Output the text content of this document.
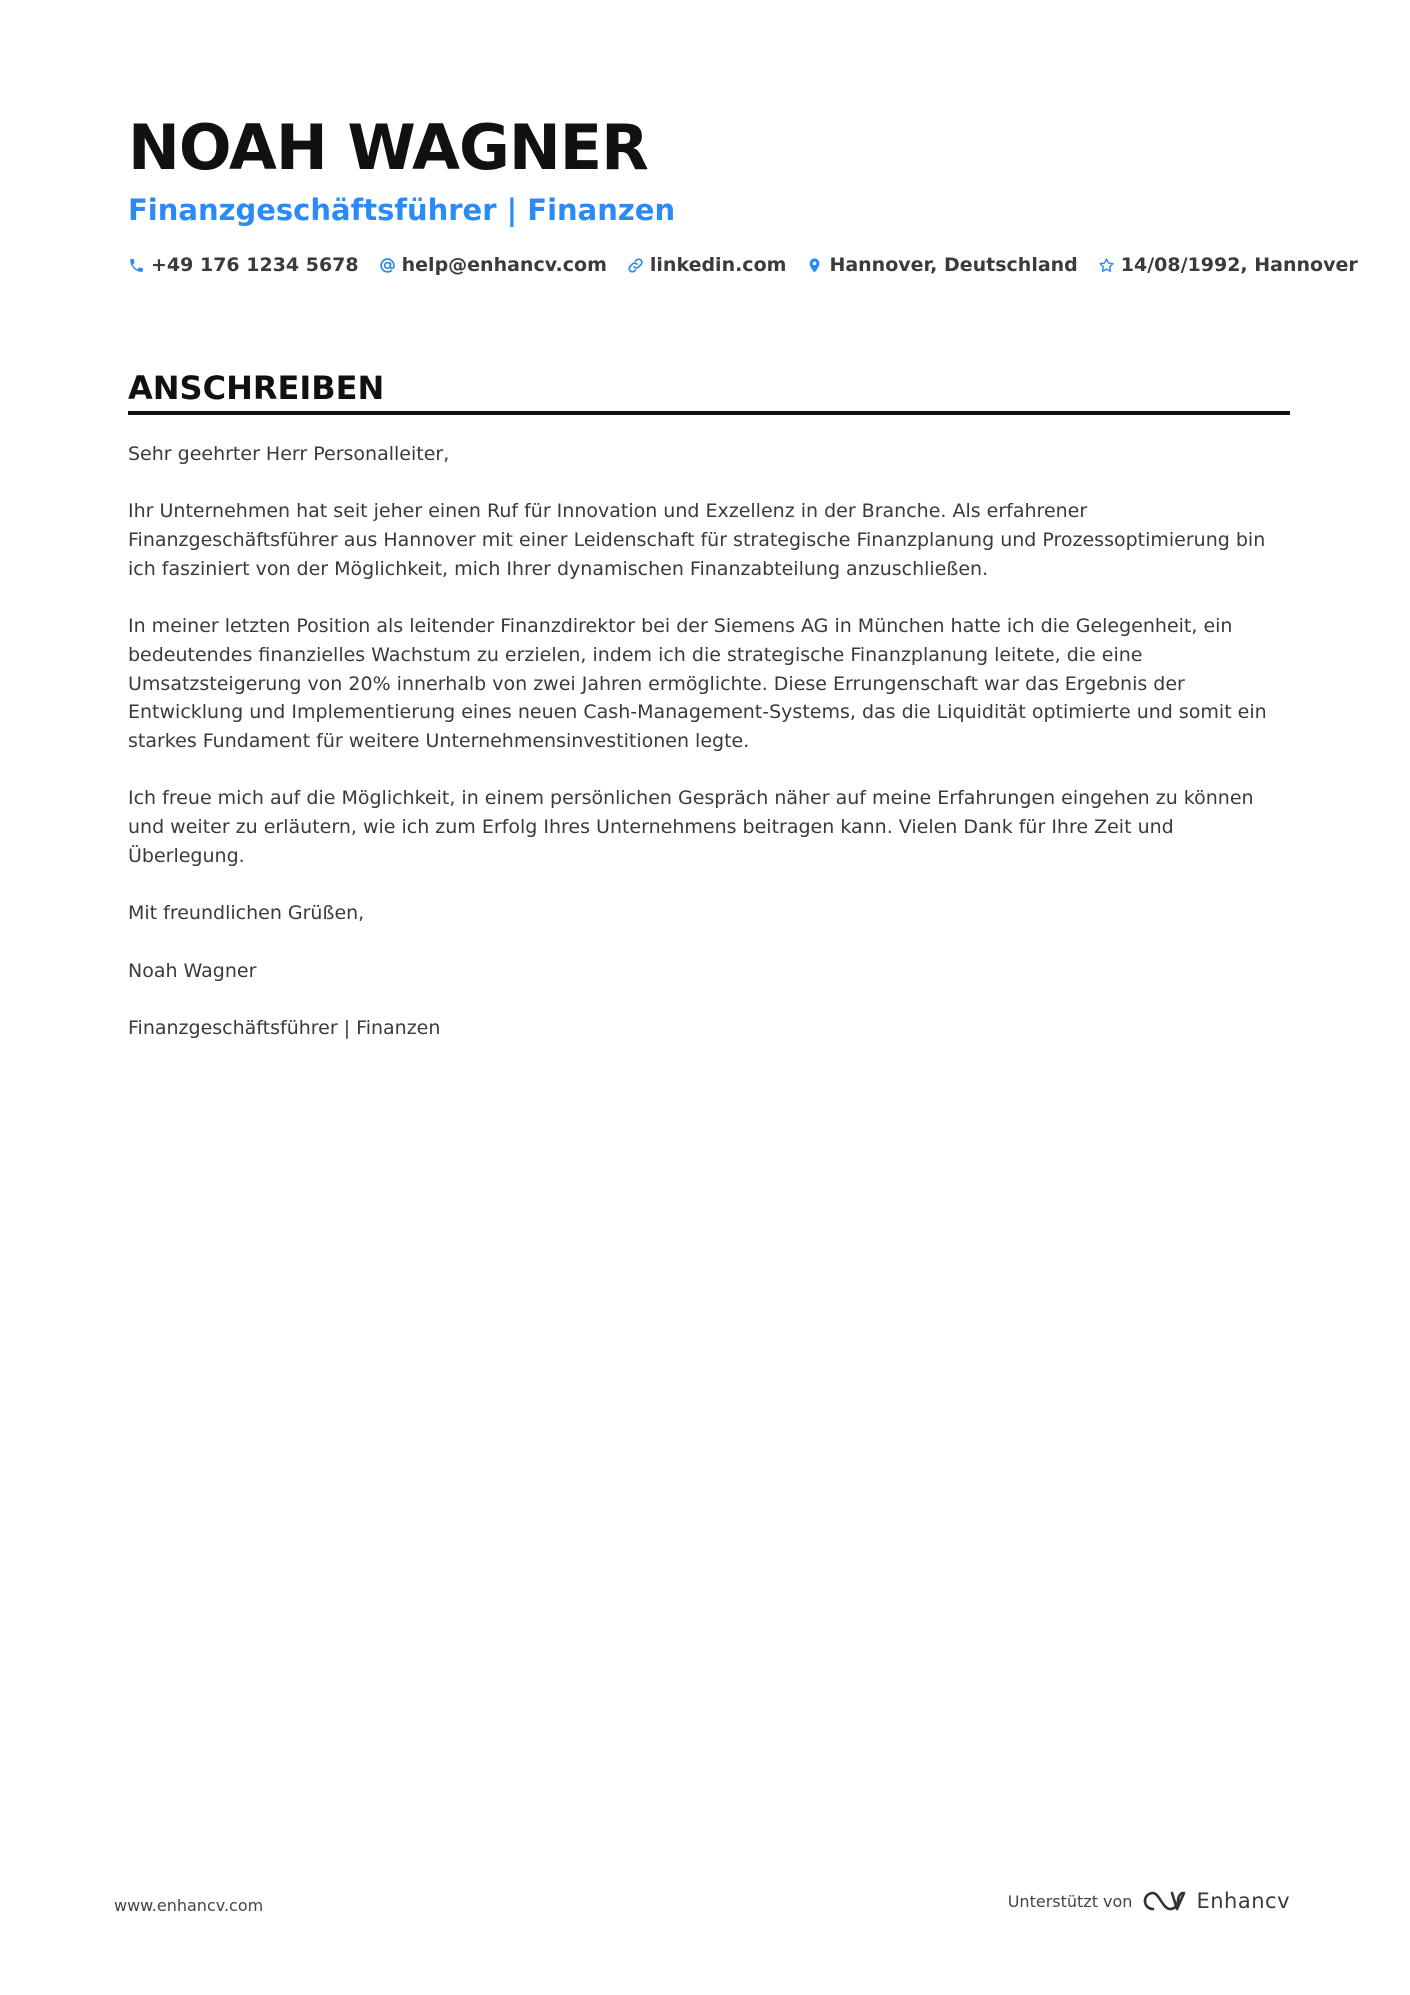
NOAH WAGNER
Finanzgeschäftsführer | Finanzen
+49 176 1234 5678 help@enhancv.com linkedin.com Hannover, Deutschland 14/08/1992, Hannover
ANSCHREIBEN

Sehr geehrter Herr Personalleiter,

Ihr Unternehmen hat seit jeher einen Ruf für Innovation und Exzellenz in der Branche. Als erfahrener Finanzgeschäftsführer aus Hannover mit einer Leidenschaft für strategische Finanzplanung und Prozessoptimierung bin ich fasziniert von der Möglichkeit, mich Ihrer dynamischen Finanzabteilung anzuschließen.

In meiner letzten Position als leitender Finanzdirektor bei der Siemens AG in München hatte ich die Gelegenheit, ein bedeutendes finanzielles Wachstum zu erzielen, indem ich die strategische Finanzplanung leitete, die eine Umsatzsteigerung von 20% innerhalb von zwei Jahren ermöglichte. Diese Errungenschaft war das Ergebnis der Entwicklung und Implementierung eines neuen Cash-Management-Systems, das die Liquidität optimierte und somit ein starkes Fundament für weitere Unternehmensinvestitionen legte.

Ich freue mich auf die Möglichkeit, in einem persönlichen Gespräch näher auf meine Erfahrungen eingehen zu können und weiter zu erläutern, wie ich zum Erfolg Ihres Unternehmens beitragen kann. Vielen Dank für Ihre Zeit und Überlegung.

Mit freundlichen Grüßen,

Noah Wagner

Finanzgeschäftsführer | Finanzen

www.enhancv.com	Unterstützt von	Enhancv
